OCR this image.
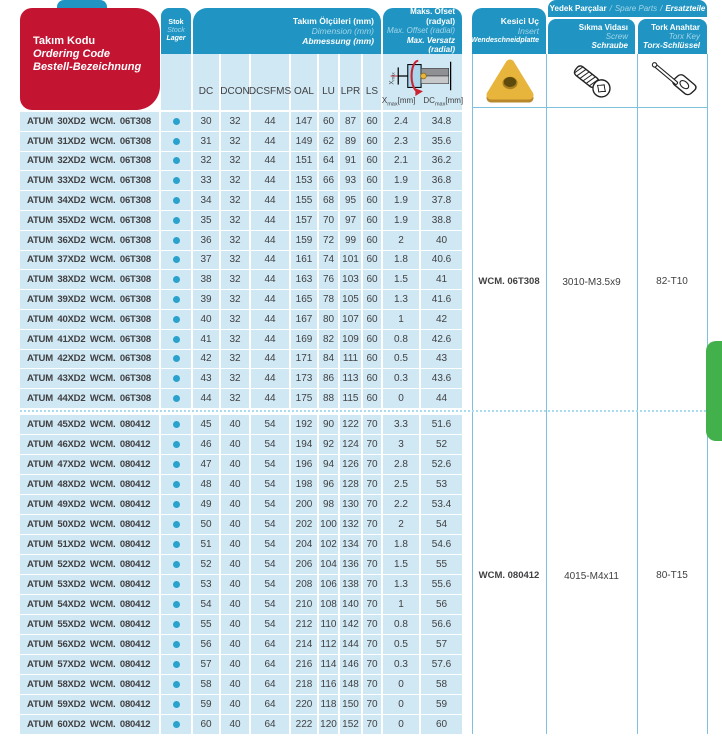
Takım Kodu
Ordering Code
Bestell-Bezeichnung
Stok
Stock
Lager
Takım Ölçüleri (mm)
Dimension (mm)
Abmessung (mm)
Maks. Ofset (radyal)
Max. Offset (radial)
Max. Versatz (radial)
Kesici Uç
Insert
Wendeschneidplatte
Yedek Parçalar / Spare Parts / Ersatzteile
Sıkma Vidası
Screw
Schraube
Tork Anahtar
Torx Key
Torx-Schlüssel
DC DCON DCSFMS OAL LU LPR LS
Xmax
$X_{max}[mm]$ $DC_{max}[mm]$
WCM. 06T308	3010-M3.5x9	82-T10
WCM. 080412	4015-M4x11	80-T15
ATUM 30XD2 WCM. 06T308	30	32	44	147	60	87	60	2.4	34.8
ATUM 31XD2 WCM. 06T308	31	32	44	149	62	89	60	2.3	35.6
ATUM 32XD2 WCM. 06T308	32	32	44	151	64	91	60	2.1	36.2
ATUM 33XD2 WCM. 06T308	33	32	44	153	66	93	60	1.9	36.8
ATUM 34XD2 WCM. 06T308	34	32	44	155	68	95	60	1.9	37.8
ATUM 35XD2 WCM. 06T308	35	32	44	157	70	97	60	1.9	38.8
ATUM 36XD2 WCM. 06T308	36	32	44	159	72	99	60	2	40
ATUM 37XD2 WCM. 06T308	37	32	44	161	74 101 60	1.8	40.6
ATUM 38XD2 WCM. 06T308	38	32	44	163	76 103 60	1.5	41
ATUM 39XD2 WCM. 06T308	39	32	44	165	78 105 60	1.3	41.6
ATUM 40XD2 WCM. 06T308	40	32	44	167	80 107 60	1	42
ATUM 41XD2 WCM. 06T308	41	32	44	169	82 109 60	0.8	42.6
ATUM 42XD2 WCM. 06T308	42	32	44	171	84 111 60	0.5	43
ATUM 43XD2 WCM. 06T308	43	32	44	173	86 113 60	0.3	43.6
ATUM 44XD2 WCM. 06T308	44	32	44	175	88 115 60	0	44
ATUM 45XD2 WCM. 080412	45	40	54	192	90 122 70	3.3	51.6
ATUM 46XD2 WCM. 080412	46	40	54	194	92 124 70	3	52
ATUM 47XD2 WCM. 080412	47	40	54	196	94 126 70	2.8	52.6
ATUM 48XD2 WCM. 080412	48	40	54	198	96 128 70	2.5	53
ATUM 49XD2 WCM. 080412	49	40	54	200	98 130 70	2.2	53.4
ATUM 50XD2 WCM. 080412	50	40	54	202 100 132 70	2	54
ATUM 51XD2 WCM. 080412	51	40	54	204 102 134 70	1.8	54.6
ATUM 52XD2 WCM. 080412	52	40	54	206 104 136 70	1.5	55
ATUM 53XD2 WCM. 080412	53	40	54	208 106 138 70	1.3	55.6
ATUM 54XD2 WCM. 080412	54	40	54	210 108 140 70	1	56
ATUM 55XD2 WCM. 080412	55	40	54	212 110 142 70	0.8	56.6
ATUM 56XD2 WCM. 080412	56	40	64	214 112 144 70	0.5	57
ATUM 57XD2 WCM. 080412	57	40	64	216 114 146 70	0.3	57.6
ATUM 58XD2 WCM. 080412	58	40	64	218 116 148 70	0	58
ATUM 59XD2 WCM. 080412	59	40	64	220 118 150 70	0	59
ATUM 60XD2 WCM. 080412	60	40	64	222 120 152 70	0	60
